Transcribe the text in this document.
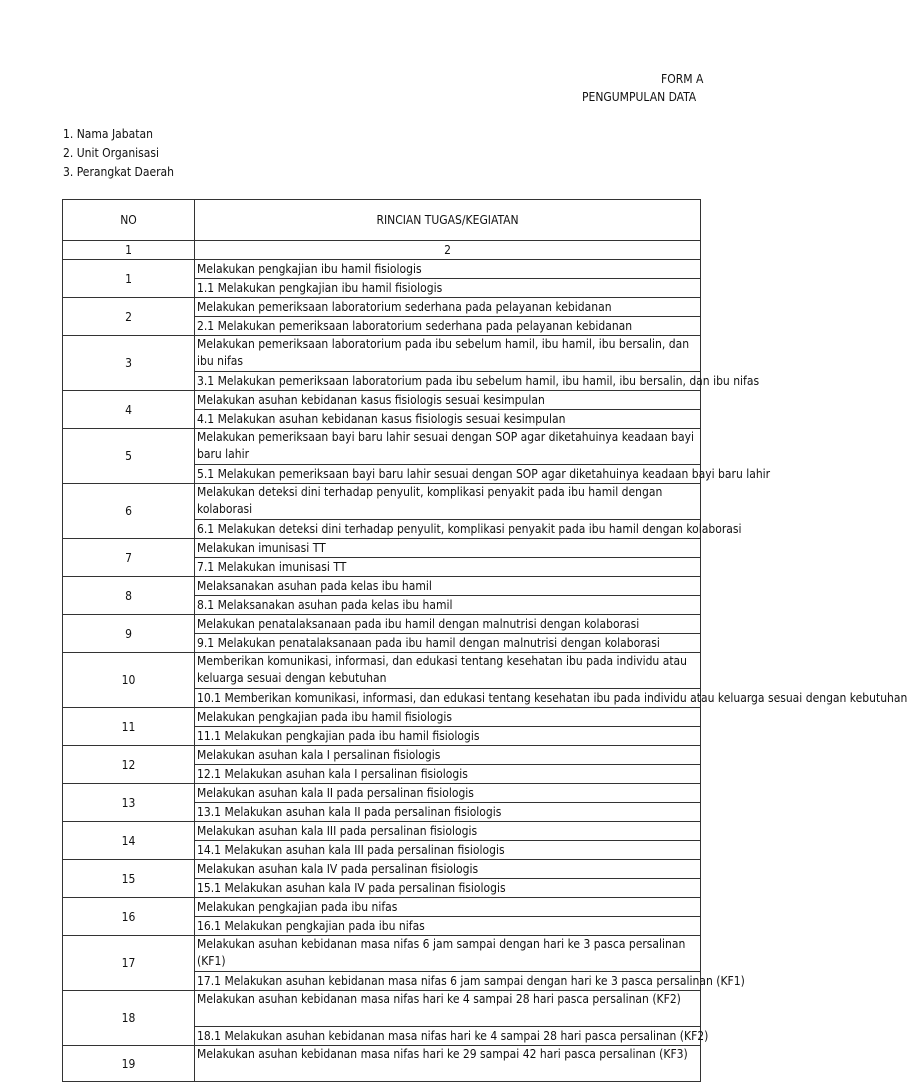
FORM A
PENGUMPULAN DATA
1. Nama Jabatan
2. Unit Organisasi
3. Perangkat Daerah
NO	RINCIAN TUGAS/KEGIATAN
1	2
1	Melakukan pengkajian ibu hamil fisiologis
	1.1 Melakukan pengkajian ibu hamil fisiologis
2	Melakukan pemeriksaan laboratorium sederhana pada pelayanan kebidanan
	2.1 Melakukan pemeriksaan laboratorium sederhana pada pelayanan kebidanan
3	Melakukan pemeriksaan laboratorium pada ibu sebelum hamil, ibu hamil, ibu bersalin, dan ibu nifas
	3.1 Melakukan pemeriksaan laboratorium pada ibu sebelum hamil, ibu hamil, ibu bersalin, dan ibu nifas
4	Melakukan asuhan kebidanan kasus fisiologis sesuai kesimpulan
	4.1 Melakukan asuhan kebidanan kasus fisiologis sesuai kesimpulan
5	Melakukan pemeriksaan bayi baru lahir sesuai dengan SOP agar diketahuinya keadaan bayi baru lahir
	5.1 Melakukan pemeriksaan bayi baru lahir sesuai dengan SOP agar diketahuinya keadaan bayi baru lahir
6	Melakukan deteksi dini terhadap penyulit, komplikasi penyakit pada ibu hamil dengan kolaborasi
	6.1 Melakukan deteksi dini terhadap penyulit, komplikasi penyakit pada ibu hamil dengan kolaborasi
7	Melakukan imunisasi TT
	7.1 Melakukan imunisasi TT
8	Melaksanakan asuhan pada kelas ibu hamil
	8.1 Melaksanakan asuhan pada kelas ibu hamil
9	Melakukan penatalaksanaan pada ibu hamil dengan malnutrisi dengan kolaborasi
	9.1 Melakukan penatalaksanaan pada ibu hamil dengan malnutrisi dengan kolaborasi
10	Memberikan komunikasi, informasi, dan edukasi tentang kesehatan ibu pada individu atau keluarga sesuai dengan kebutuhan
	10.1 Memberikan komunikasi, informasi, dan edukasi tentang kesehatan ibu pada individu atau keluarga sesuai dengan kebutuhan
11	Melakukan pengkajian pada ibu hamil fisiologis
	11.1 Melakukan pengkajian pada ibu hamil fisiologis
12	Melakukan asuhan kala I persalinan fisiologis
	12.1 Melakukan asuhan kala I persalinan fisiologis
13	Melakukan asuhan kala II pada persalinan fisiologis
	13.1 Melakukan asuhan kala II pada persalinan fisiologis
14	Melakukan asuhan kala III pada persalinan fisiologis
	14.1 Melakukan asuhan kala III pada persalinan fisiologis
15	Melakukan asuhan kala IV pada persalinan fisiologis
	15.1 Melakukan asuhan kala IV pada persalinan fisiologis
16	Melakukan pengkajian pada ibu nifas
	16.1 Melakukan pengkajian pada ibu nifas
17	Melakukan asuhan kebidanan masa nifas 6 jam sampai dengan hari ke 3 pasca persalinan (KF1)
	17.1 Melakukan asuhan kebidanan masa nifas 6 jam sampai dengan hari ke 3 pasca persalinan (KF1)
18	Melakukan asuhan kebidanan masa nifas hari ke 4 sampai 28 hari pasca persalinan (KF2)
	18.1 Melakukan asuhan kebidanan masa nifas hari ke 4 sampai 28 hari pasca persalinan (KF2)
19	Melakukan asuhan kebidanan masa nifas hari ke 29 sampai 42 hari pasca persalinan (KF3)
